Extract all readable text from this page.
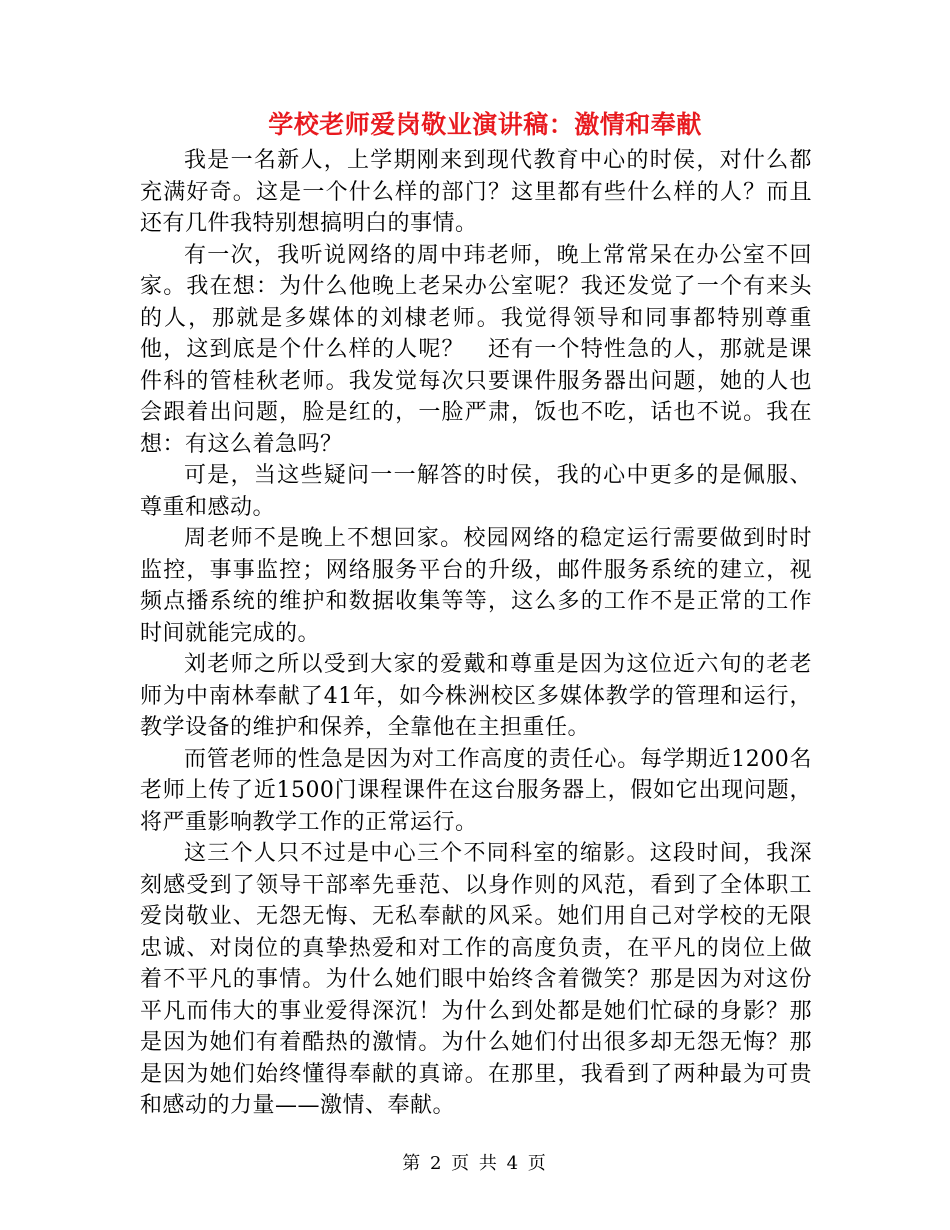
学校老师爱岗敬业演讲稿：激情和奉献

我是一名新人，上学期刚来到现代教育中心的时侯，对什么都充满好奇。这是一个什么样的部门？这里都有些什么样的人？而且还有几件我特别想搞明白的事情。

有一次，我听说网络的周中玮老师，晚上常常呆在办公室不回家。我在想：为什么他晚上老呆办公室呢？我还发觉了一个有来头的人，那就是多媒体的刘棣老师。我觉得领导和同事都特别尊重他，这到底是个什么样的人呢？　还有一个特性急的人，那就是课件科的管桂秋老师。我发觉每次只要课件服务器出问题，她的人也会跟着出问题，脸是红的，一脸严肃，饭也不吃，话也不说。我在想：有这么着急吗？

可是，当这些疑问一一解答的时侯，我的心中更多的是佩服、尊重和感动。

周老师不是晚上不想回家。校园网络的稳定运行需要做到时时监控，事事监控；网络服务平台的升级，邮件服务系统的建立，视频点播系统的维护和数据收集等等，这么多的工作不是正常的工作时间就能完成的。

刘老师之所以受到大家的爱戴和尊重是因为这位近六旬的老老师为中南林奉献了41年，如今株洲校区多媒体教学的管理和运行，教学设备的维护和保养，全靠他在主担重任。

而管老师的性急是因为对工作高度的责任心。每学期近1200名老师上传了近1500门课程课件在这台服务器上，假如它出现问题，将严重影响教学工作的正常运行。

这三个人只不过是中心三个不同科室的缩影。这段时间，我深刻感受到了领导干部率先垂范、以身作则的风范，看到了全体职工爱岗敬业、无怨无悔、无私奉献的风采。她们用自己对学校的无限忠诚、对岗位的真挚热爱和对工作的高度负责，在平凡的岗位上做着不平凡的事情。为什么她们眼中始终含着微笑？那是因为对这份平凡而伟大的事业爱得深沉！为什么到处都是她们忙碌的身影？那是因为她们有着酷热的激情。为什么她们付出很多却无怨无悔？那是因为她们始终懂得奉献的真谛。在那里，我看到了两种最为可贵和感动的力量——激情、奉献。

第 2 页 共 4 页
